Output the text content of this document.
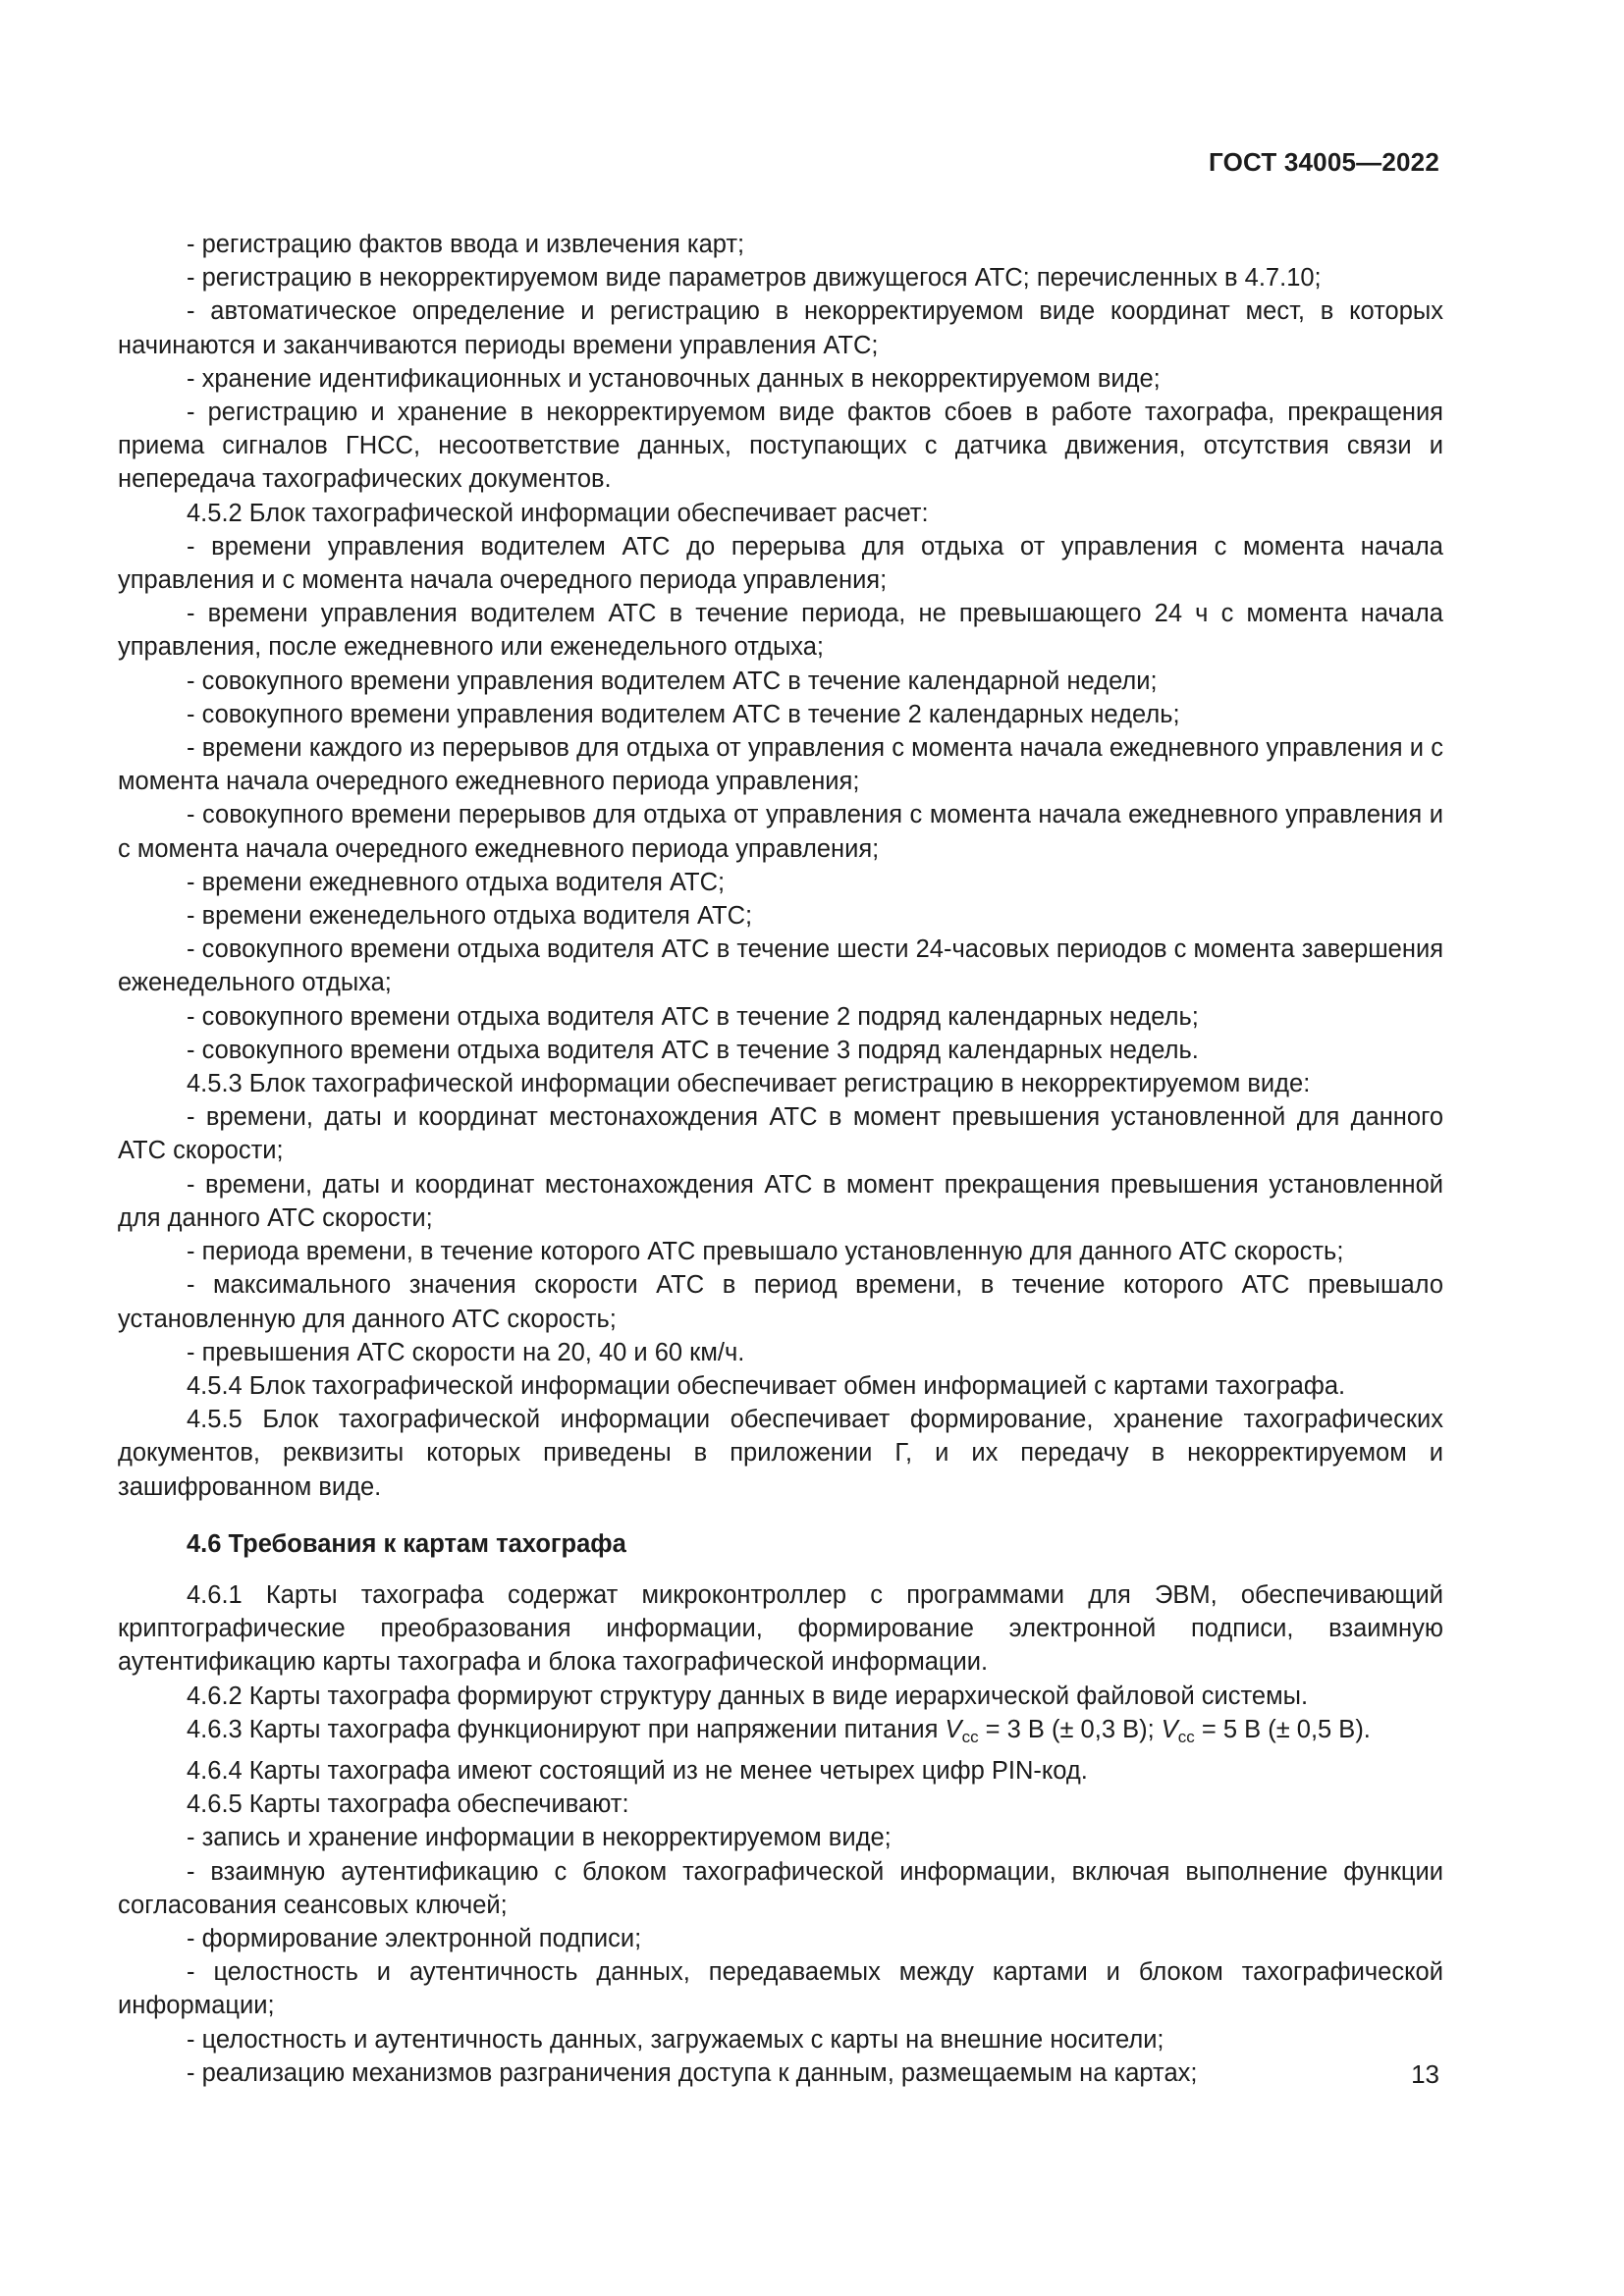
ГОСТ 34005—2022

- регистрацию фактов ввода и извлечения карт;

- регистрацию в некорректируемом виде параметров движущегося АТС; перечисленных в 4.7.10;

- автоматическое определение и регистрацию в некорректируемом виде координат мест, в которых начинаются и заканчиваются периоды времени управления АТС;

- хранение идентификационных и установочных данных в некорректируемом виде;

- регистрацию и хранение в некорректируемом виде фактов сбоев в работе тахографа, прекращения приема сигналов ГНСС, несоответствие данных, поступающих с датчика движения, отсутствия связи и непередача тахографических документов.

4.5.2 Блок тахографической информации обеспечивает расчет:

- времени управления водителем АТС до перерыва для отдыха от управления с момента начала управления и с момента начала очередного периода управления;

- времени управления водителем АТС в течение периода, не превышающего 24 ч с момента начала управления, после ежедневного или еженедельного отдыха;

- совокупного времени управления водителем АТС в течение календарной недели;

- совокупного времени управления водителем АТС в течение 2 календарных недель;

- времени каждого из перерывов для отдыха от управления с момента начала ежедневного управления и с момента начала очередного ежедневного периода управления;

- совокупного времени перерывов для отдыха от управления с момента начала ежедневного управления и с момента начала очередного ежедневного периода управления;

- времени ежедневного отдыха водителя АТС;

- времени еженедельного отдыха водителя АТС;

- совокупного времени отдыха водителя АТС в течение шести 24-часовых периодов с момента завершения еженедельного отдыха;

- совокупного времени отдыха водителя АТС в течение 2 подряд календарных недель;

- совокупного времени отдыха водителя АТС в течение 3 подряд календарных недель.

4.5.3 Блок тахографической информации обеспечивает регистрацию в некорректируемом виде:

- времени, даты и координат местонахождения АТС в момент превышения установленной для данного АТС скорости;

- времени, даты и координат местонахождения АТС в момент прекращения превышения установленной для данного АТС скорости;

- периода времени, в течение которого АТС превышало установленную для данного АТС скорость;

- максимального значения скорости АТС в период времени, в течение которого АТС превышало установленную для данного АТС скорость;

- превышения АТС скорости на 20, 40 и 60 км/ч.

4.5.4 Блок тахографической информации обеспечивает обмен информацией с картами тахографа.

4.5.5 Блок тахографической информации обеспечивает формирование, хранение тахографических документов, реквизиты которых приведены в приложении Г, и их передачу в некорректируемом и зашифрованном виде.

4.6 Требования к картам тахографа

4.6.1 Карты тахографа содержат микроконтроллер с программами для ЭВМ, обеспечивающий криптографические преобразования информации, формирование электронной подписи, взаимную аутентификацию карты тахографа и блока тахографической информации.

4.6.2 Карты тахографа формируют структуру данных в виде иерархической файловой системы.

4.6.3 Карты тахографа функционируют при напряжении питания Vcc = 3 В (± 0,3 В); Vcc = 5 В (± 0,5 В).

4.6.4 Карты тахографа имеют состоящий из не менее четырех цифр PIN-код.

4.6.5 Карты тахографа обеспечивают:

- запись и хранение информации в некорректируемом виде;

- взаимную аутентификацию с блоком тахографической информации, включая выполнение функции согласования сеансовых ключей;

- формирование электронной подписи;

- целостность и аутентичность данных, передаваемых между картами и блоком тахографической информации;

- целостность и аутентичность данных, загружаемых с карты на внешние носители;

- реализацию механизмов разграничения доступа к данным, размещаемым на картах;	13
